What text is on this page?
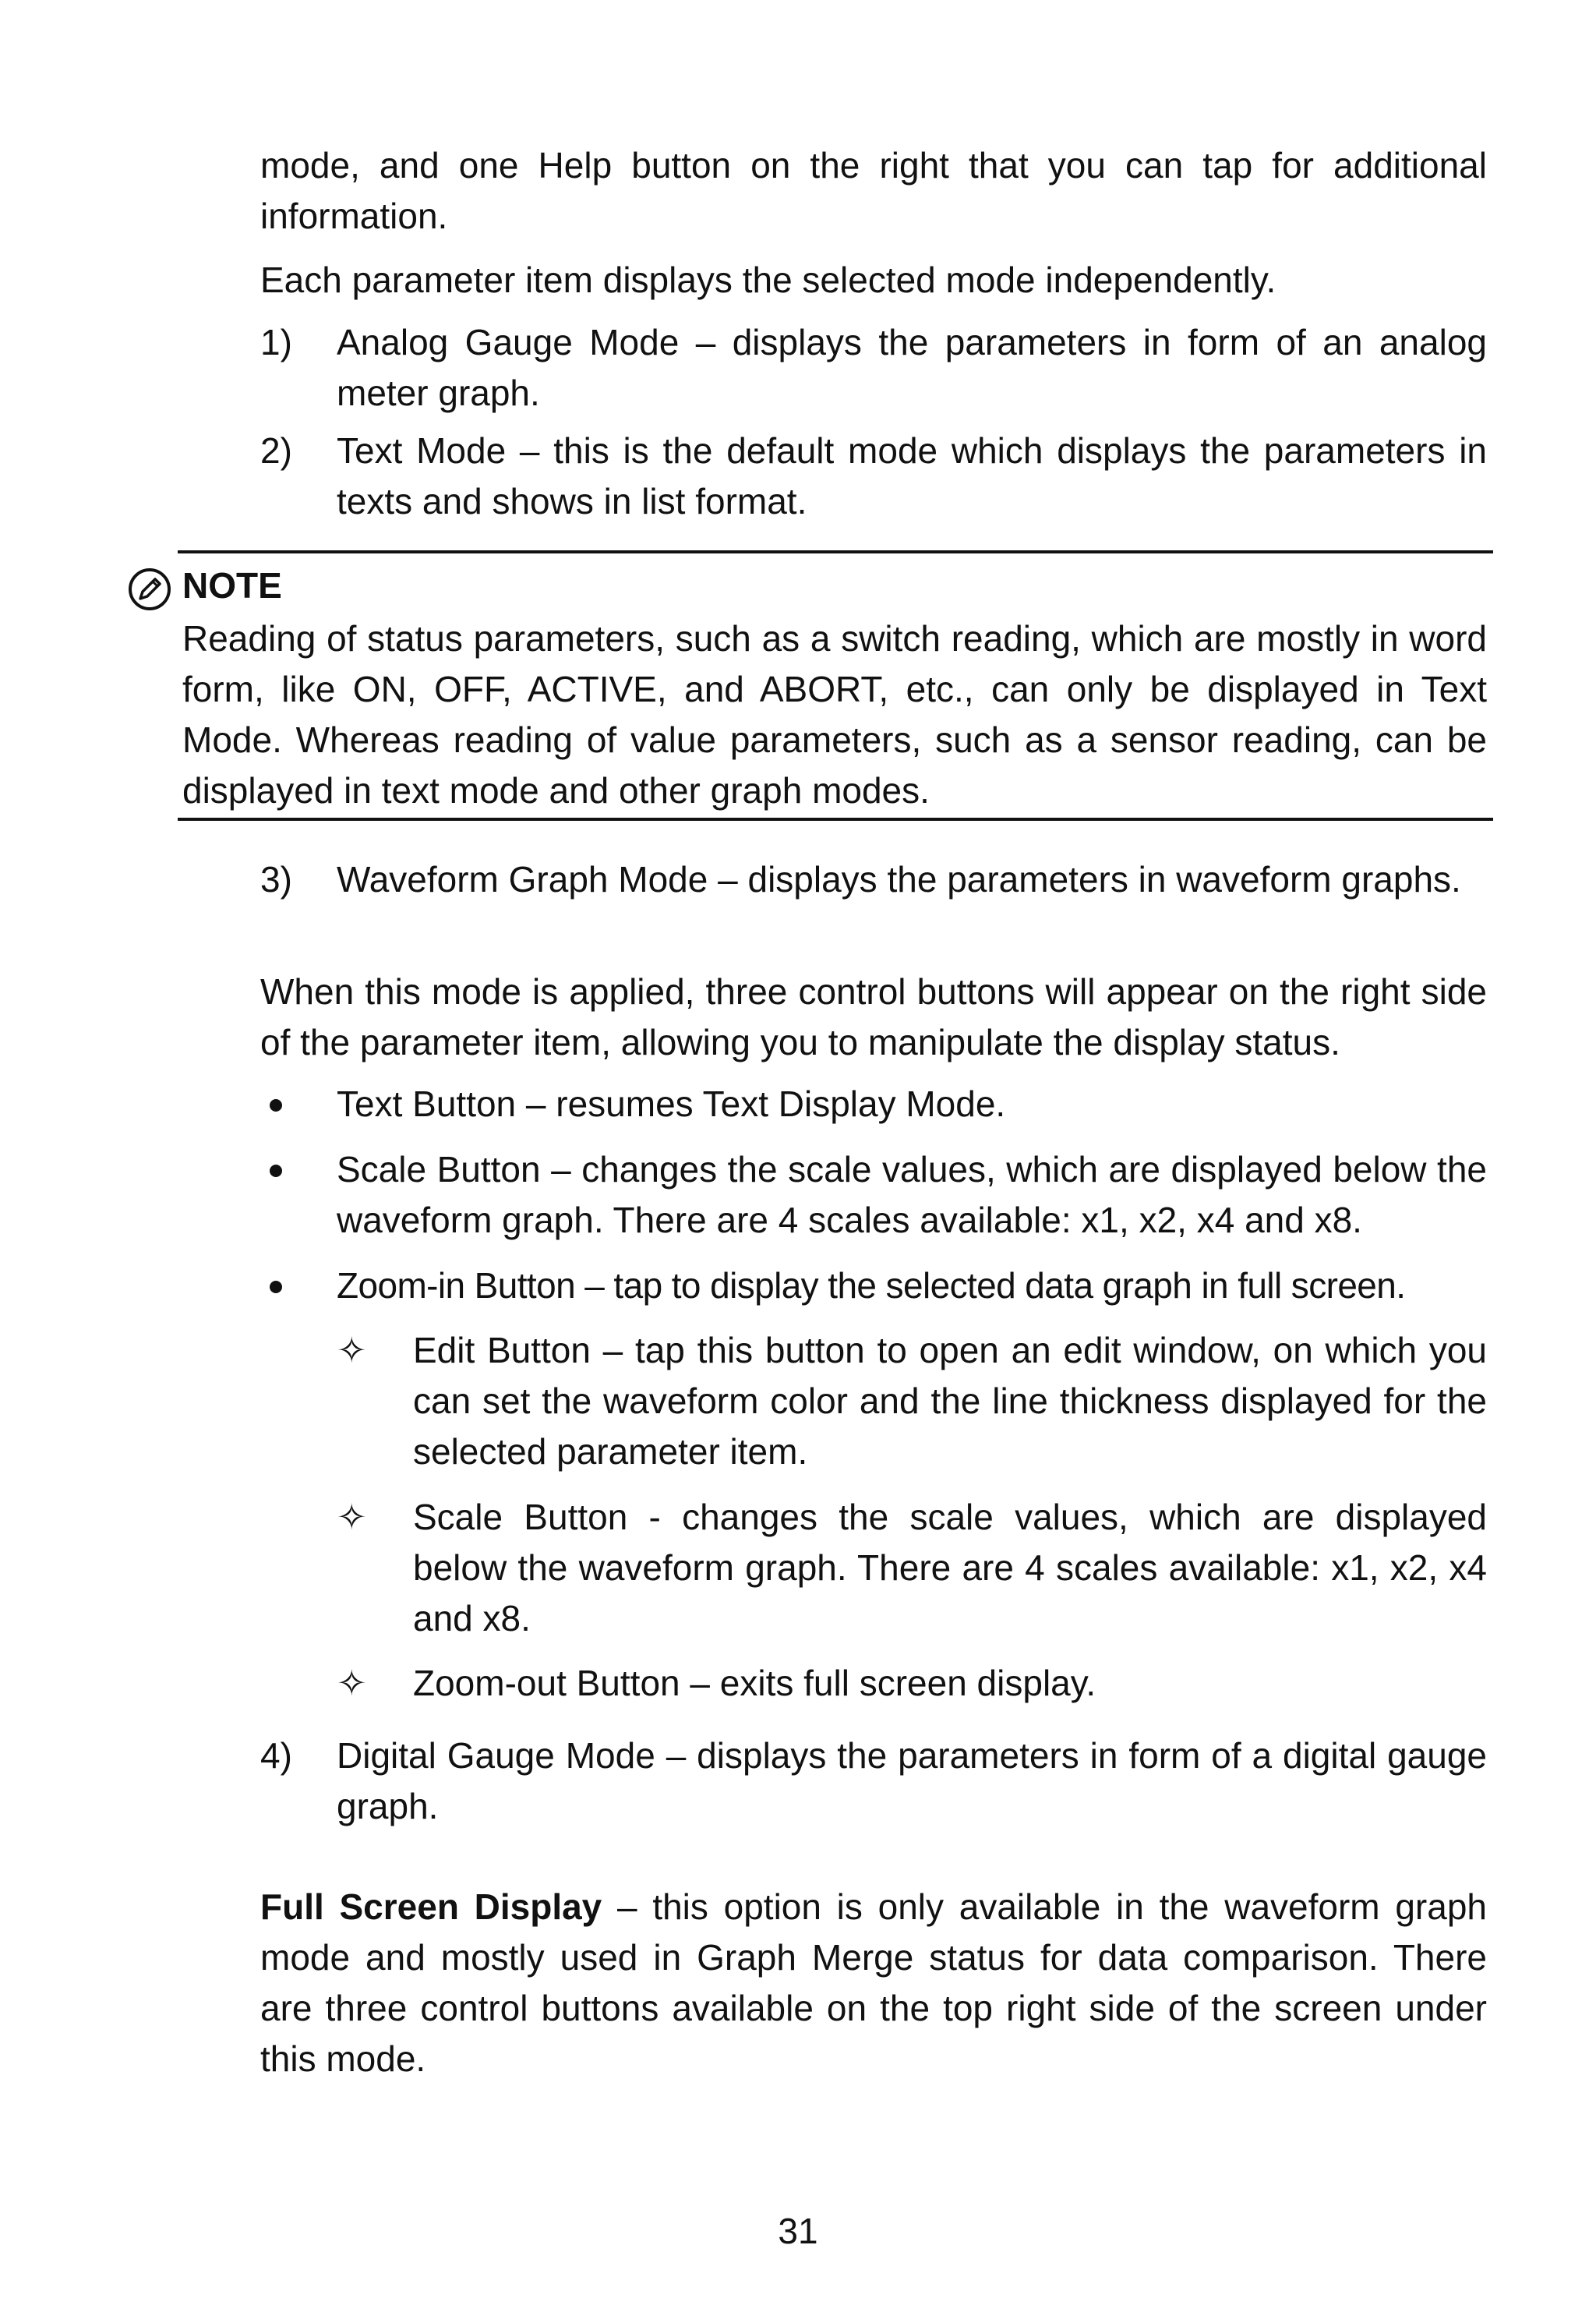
mode, and one Help button on the right that you can tap for additional information.

Each parameter item displays the selected mode independently.

1) Analog Gauge Mode – displays the parameters in form of an analog meter graph.

2) Text Mode – this is the default mode which displays the parameters in texts and shows in list format.

NOTE

Reading of status parameters, such as a switch reading, which are mostly in word form, like ON, OFF, ACTIVE, and ABORT, etc., can only be displayed in Text Mode. Whereas reading of value parameters, such as a sensor reading, can be displayed in text mode and other graph modes.

3) Waveform Graph Mode – displays the parameters in waveform graphs.

When this mode is applied, three control buttons will appear on the right side of the parameter item, allowing you to manipulate the display status.

Text Button – resumes Text Display Mode.

Scale Button – changes the scale values, which are displayed below the waveform graph. There are 4 scales available: x1, x2, x4 and x8.

Zoom-in Button – tap to display the selected data graph in full screen.

✧ Edit Button – tap this button to open an edit window, on which you can set the waveform color and the line thickness displayed for the selected parameter item.

✧ Scale Button - changes the scale values, which are displayed below the waveform graph. There are 4 scales available: x1, x2, x4 and x8.

✧ Zoom-out Button – exits full screen display.

4) Digital Gauge Mode – displays the parameters in form of a digital gauge graph.

Full Screen Display – this option is only available in the waveform graph mode and mostly used in Graph Merge status for data comparison. There are three control buttons available on the top right side of the screen under this mode.

31
